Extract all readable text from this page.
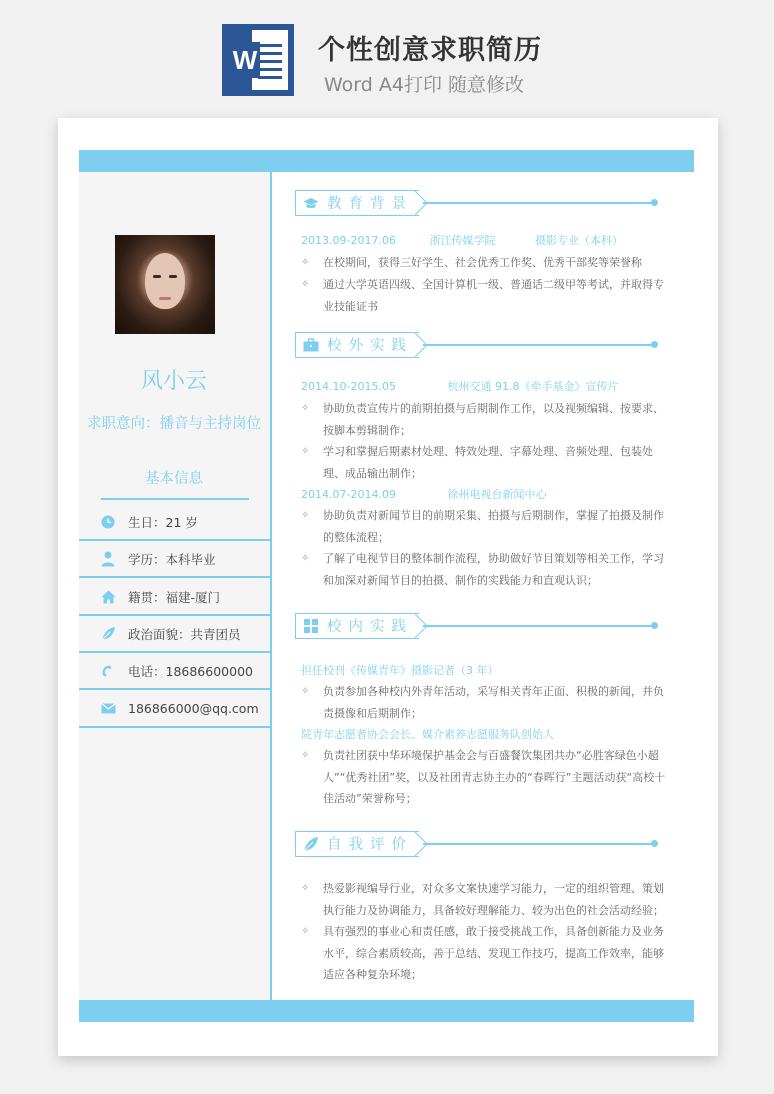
W 个性创意求职简历
Word A4打印 随意修改
风小云
求职意向：播音与主持岗位
基本信息
生日：21 岁
学历：本科毕业
籍贯：福建-厦门
政治面貌：共青团员
电话：18686600000
186866000@qq.com
教育背景
2013.09-2017.06	浙江传媒学院	摄影专业（本科）
✧	在校期间，获得三好学生、社会优秀工作奖、优秀干部奖等荣誉称
✧	通过大学英语四级、全国计算机一级、普通话二级甲等考试，并取得专业技能证书
校外实践
2014.10-2015.05	杭州交通 91.8《牵手基金》宣传片
✧	协助负责宣传片的前期拍摄与后期制作工作，以及视频编辑、按要求、按脚本剪辑制作；
✧	学习和掌握后期素材处理、特效处理、字幕处理、音频处理、包装处理、成品输出制作；
2014.07-2014.09	徐州电视台新闻中心
✧	协助负责对新闻节目的前期采集、拍摄与后期制作，掌握了拍摄及制作的整体流程；
✧	了解了电视节目的整体制作流程，协助做好节目策划等相关工作，学习和加深对新闻节目的拍摄、制作的实践能力和直观认识；
校内实践
担任校刊《传媒青年》摄影记者（3 年）
✧	负责参加各种校内外青年活动，采写相关青年正面、积极的新闻，并负责摄像和后期制作；
院青年志愿者协会会长、媒介素养志愿服务队创始人
✧	负责社团获中华环境保护基金会与百盛餐饮集团共办“必胜客绿色小超人”“优秀社团”奖，以及社团青志协主办的“春晖行”主题活动获“高校十佳活动”荣誉称号；
自我评价
✧	热爱影视编导行业，对众多文案快速学习能力，一定的组织管理、策划执行能力及协调能力，具备较好理解能力、较为出色的社会活动经验；
✧	具有强烈的事业心和责任感，敢于接受挑战工作，具备创新能力及业务水平，综合素质较高，善于总结、发现工作技巧，提高工作效率，能够适应各种复杂环境；
